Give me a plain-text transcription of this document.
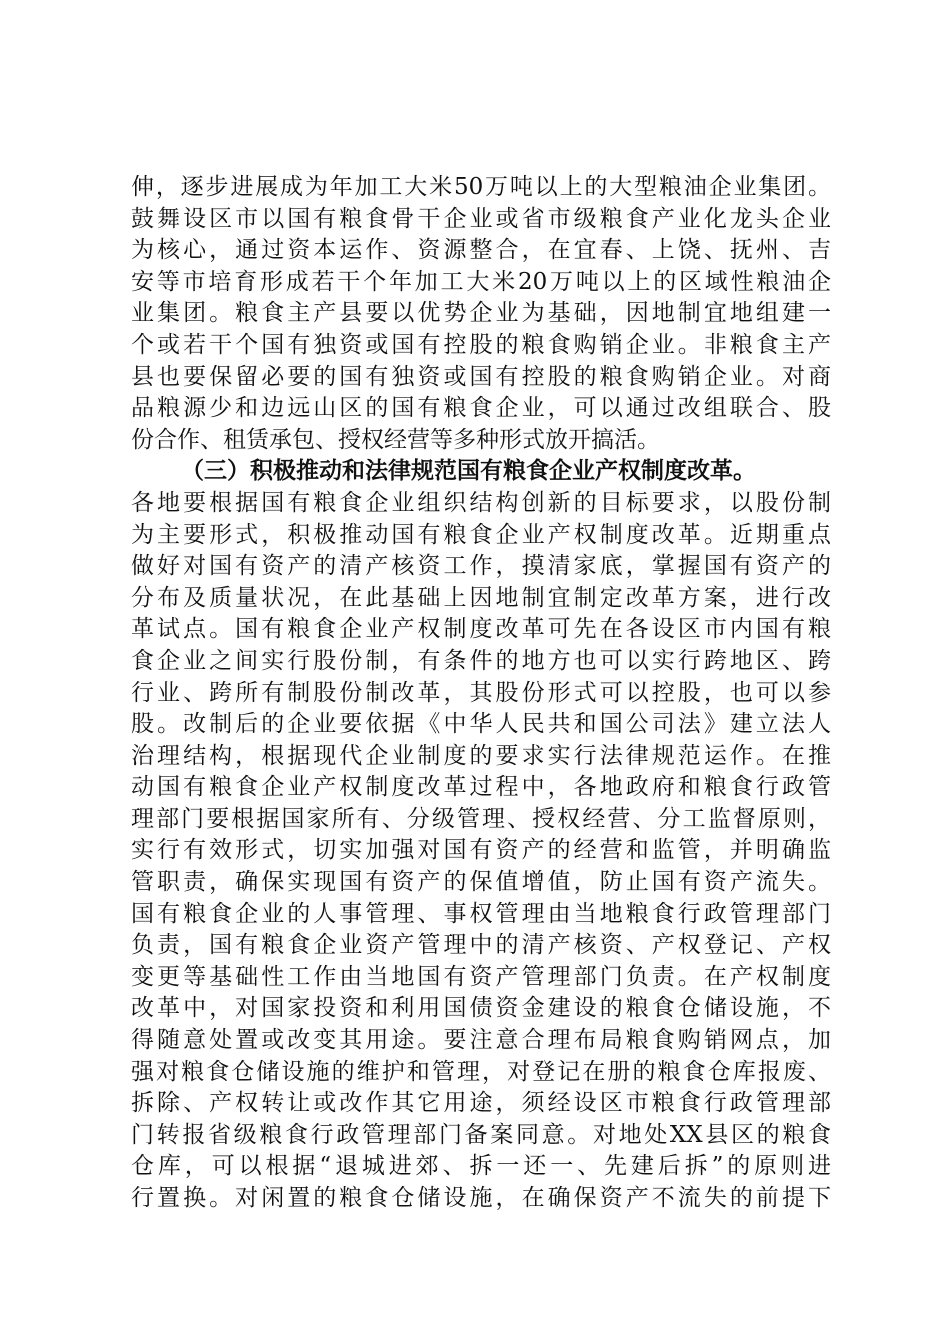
伸，逐步进展成为年加工大米50万吨以上的大型粮油企业集团。
鼓舞设区市以国有粮食骨干企业或省市级粮食产业化龙头企业
为核心，通过资本运作、资源整合，在宜春、上饶、抚州、吉
安等市培育形成若干个年加工大米20万吨以上的区域性粮油企
业集团。粮食主产县要以优势企业为基础，因地制宜地组建一
个或若干个国有独资或国有控股的粮食购销企业。非粮食主产
县也要保留必要的国有独资或国有控股的粮食购销企业。对商
品粮源少和边远山区的国有粮食企业，可以通过改组联合、股
份合作、租赁承包、授权经营等多种形式放开搞活。
（三）积极推动和法律规范国有粮食企业产权制度改革。
各地要根据国有粮食企业组织结构创新的目标要求，以股份制
为主要形式，积极推动国有粮食企业产权制度改革。近期重点
做好对国有资产的清产核资工作，摸清家底，掌握国有资产的
分布及质量状况，在此基础上因地制宜制定改革方案，进行改
革试点。国有粮食企业产权制度改革可先在各设区市内国有粮
食企业之间实行股份制，有条件的地方也可以实行跨地区、跨
行业、跨所有制股份制改革，其股份形式可以控股，也可以参
股。改制后的企业要依据《中华人民共和国公司法》建立法人
治理结构，根据现代企业制度的要求实行法律规范运作。在推
动国有粮食企业产权制度改革过程中，各地政府和粮食行政管
理部门要根据国家所有、分级管理、授权经营、分工监督原则，
实行有效形式，切实加强对国有资产的经营和监管，并明确监
管职责，确保实现国有资产的保值增值，防止国有资产流失。
国有粮食企业的人事管理、事权管理由当地粮食行政管理部门
负责，国有粮食企业资产管理中的清产核资、产权登记、产权
变更等基础性工作由当地国有资产管理部门负责。在产权制度
改革中，对国家投资和利用国债资金建设的粮食仓储设施，不
得随意处置或改变其用途。要注意合理布局粮食购销网点，加
强对粮食仓储设施的维护和管理，对登记在册的粮食仓库报废、
拆除、产权转让或改作其它用途，须经设区市粮食行政管理部
门转报省级粮食行政管理部门备案同意。对地处XX县区的粮食
仓库，可以根据“退城进郊、拆一还一、先建后拆”的原则进
行置换。对闲置的粮食仓储设施，在确保资产不流失的前提下
